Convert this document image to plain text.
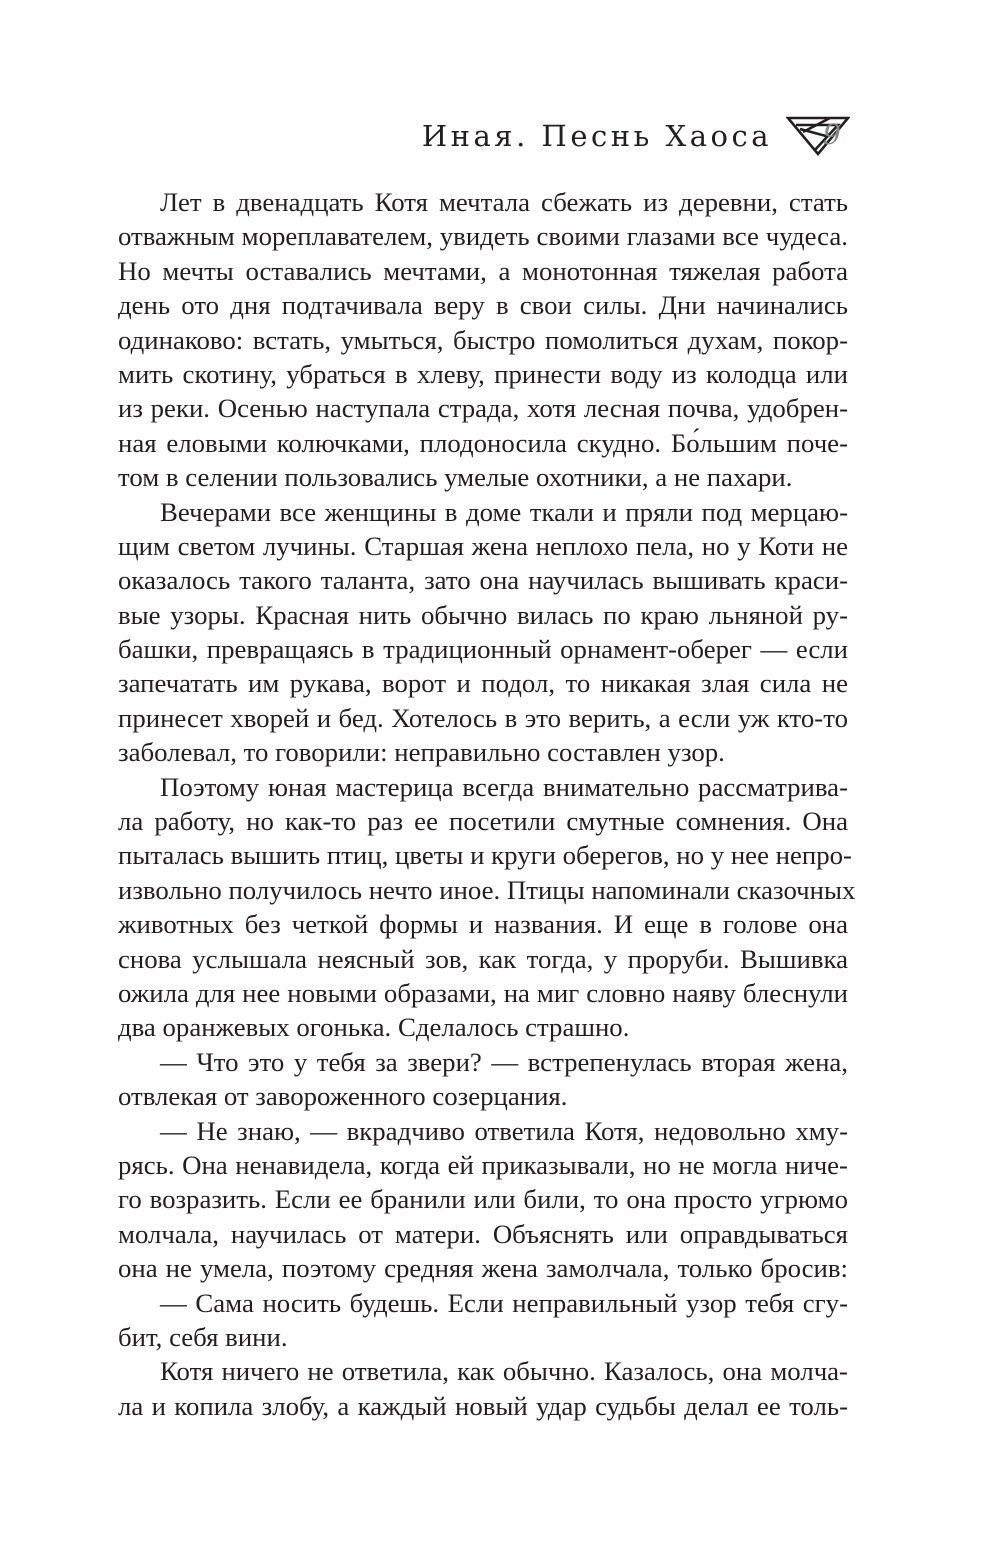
Иная. Песнь Хаоса 9
Лет в двенадцать Котя мечтала сбежать из деревни, стать
отважным мореплавателем, увидеть своими глазами все чудеса.
Но мечты оставались мечтами, а монотонная тяжелая работа
день ото дня подтачивала веру в свои силы. Дни начинались
одинаково: встать, умыться, быстро помолиться духам, покор-
мить скотину, убраться в хлеву, принести воду из колодца или
из реки. Осенью наступала страда, хотя лесная почва, удобрен-
ная еловыми колючками, плодоносила скудно. Бо́льшим поче-
том в селении пользовались умелые охотники, а не пахари.
Вечерами все женщины в доме ткали и пряли под мерцаю-
щим светом лучины. Старшая жена неплохо пела, но у Коти не
оказалось такого таланта, зато она научилась вышивать краси-
вые узоры. Красная нить обычно вилась по краю льняной ру-
башки, превращаясь в традиционный орнамент-оберег — если
запечатать им рукава, ворот и подол, то никакая злая сила не
принесет хворей и бед. Хотелось в это верить, а если уж кто-то
заболевал, то говорили: неправильно составлен узор.
Поэтому юная мастерица всегда внимательно рассматрива-
ла работу, но как-то раз ее посетили смутные сомнения. Она
пыталась вышить птиц, цветы и круги оберегов, но у нее непро-
извольно получилось нечто иное. Птицы напоминали сказочных
животных без четкой формы и названия. И еще в голове она
снова услышала неясный зов, как тогда, у проруби. Вышивка
ожила для нее новыми образами, на миг словно наяву блеснули
два оранжевых огонька. Сделалось страшно.
— Что это у тебя за звери? — встрепенулась вторая жена,
отвлекая от завороженного созерцания.
— Не знаю, — вкрадчиво ответила Котя, недовольно хму-
рясь. Она ненавидела, когда ей приказывали, но не могла ниче-
го возразить. Если ее бранили или били, то она просто угрюмо
молчала, научилась от матери. Объяснять или оправдываться
она не умела, поэтому средняя жена замолчала, только бросив:
— Сама носить будешь. Если неправильный узор тебя сгу-
бит, себя вини.
Котя ничего не ответила, как обычно. Казалось, она молча-
ла и копила злобу, а каждый новый удар судьбы делал ее толь-
